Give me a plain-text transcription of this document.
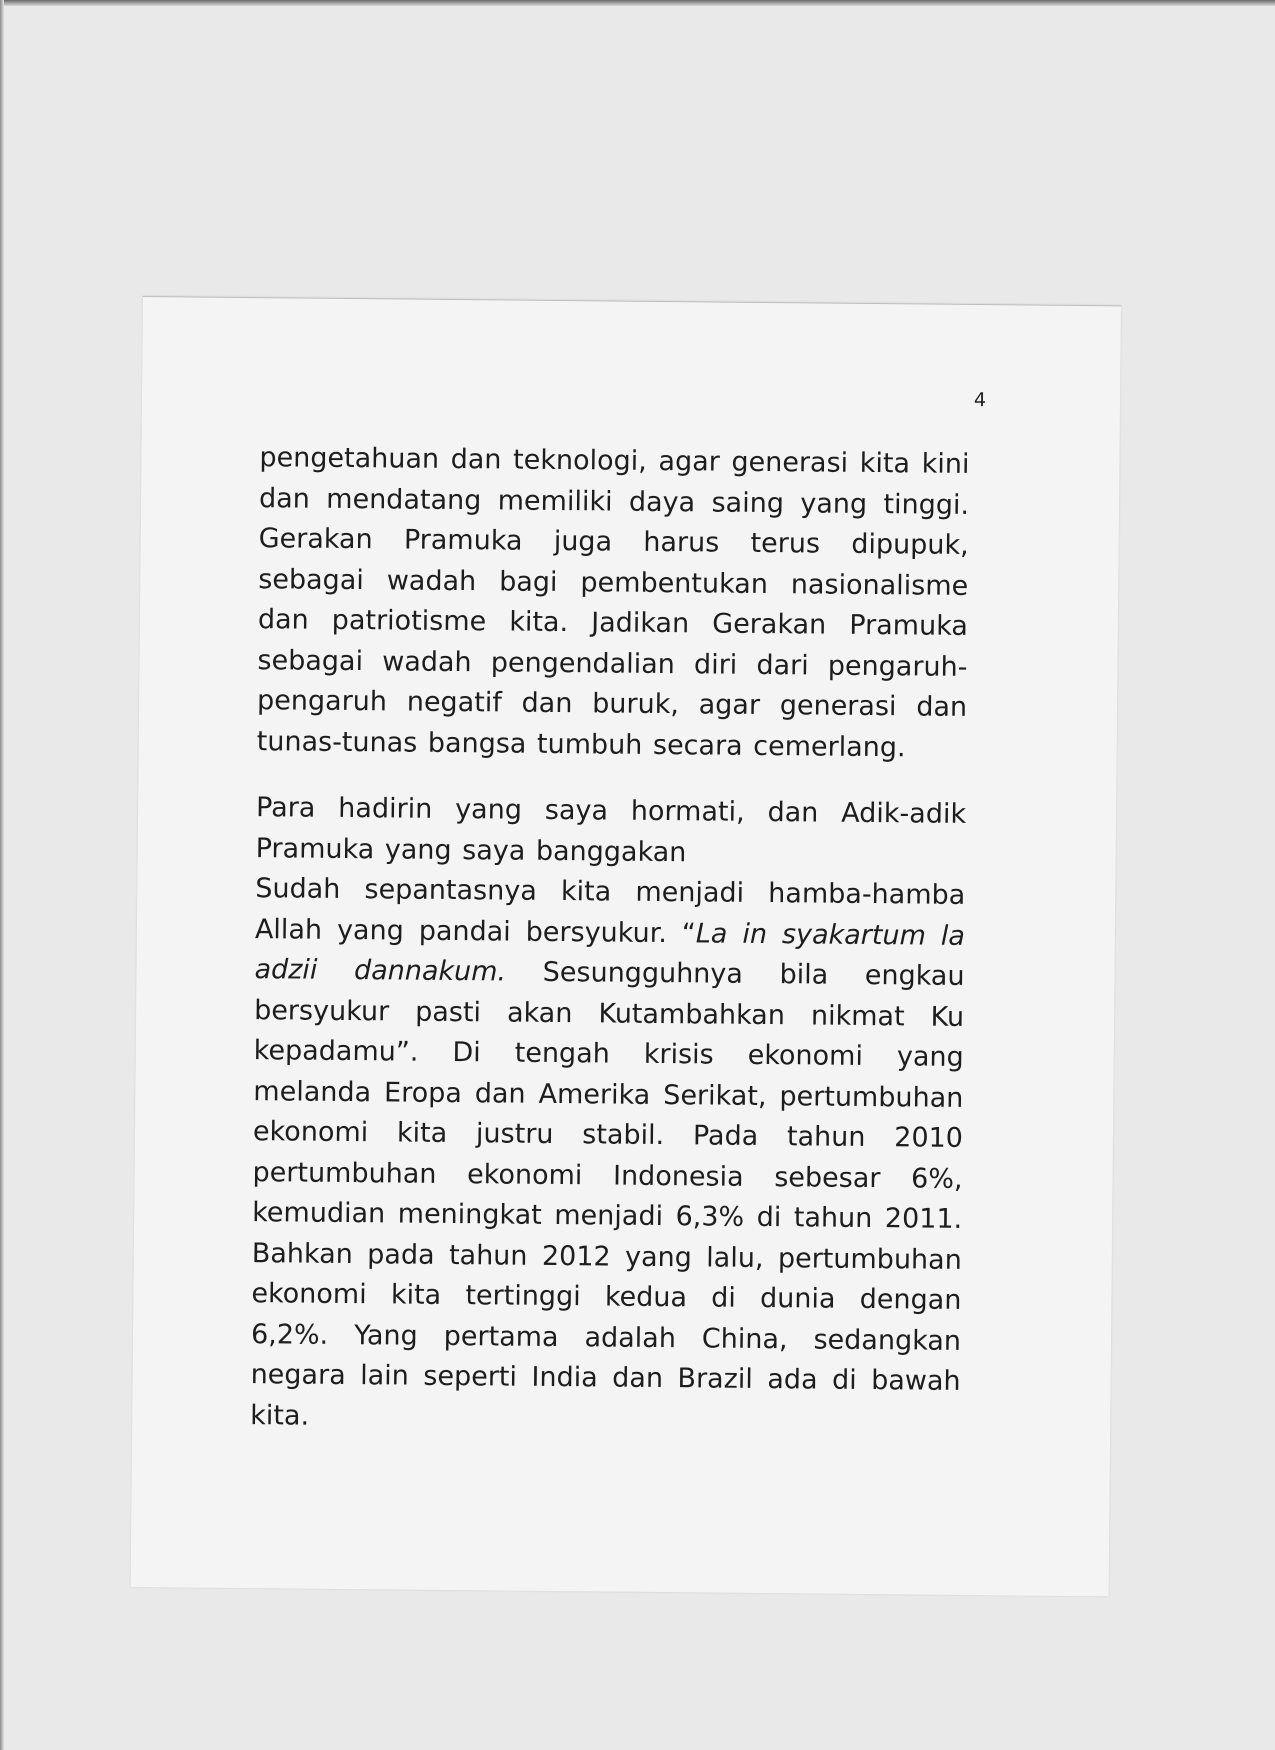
4

pengetahuan dan teknologi, agar generasi kita kini dan mendatang memiliki daya saing yang tinggi. Gerakan Pramuka juga harus terus dipupuk, sebagai wadah bagi pembentukan nasionalisme dan patriotisme kita. Jadikan Gerakan Pramuka sebagai wadah pengendalian diri dari pengaruh-pengaruh negatif dan buruk, agar generasi dan tunas-tunas bangsa tumbuh secara cemerlang.

Para hadirin yang saya hormati, dan Adik-adik Pramuka yang saya banggakan

Sudah sepantasnya kita menjadi hamba-hamba Allah yang pandai bersyukur. “La in syakartum la adzii dannakum. Sesungguhnya bila engkau bersyukur pasti akan Kutambahkan nikmat Ku kepadamu”. Di tengah krisis ekonomi yang melanda Eropa dan Amerika Serikat, pertumbuhan ekonomi kita justru stabil. Pada tahun 2010 pertumbuhan ekonomi Indonesia sebesar 6%, kemudian meningkat menjadi 6,3% di tahun 2011. Bahkan pada tahun 2012 yang lalu, pertumbuhan ekonomi kita tertinggi kedua di dunia dengan 6,2%. Yang pertama adalah China, sedangkan negara lain seperti India dan Brazil ada di bawah kita.
